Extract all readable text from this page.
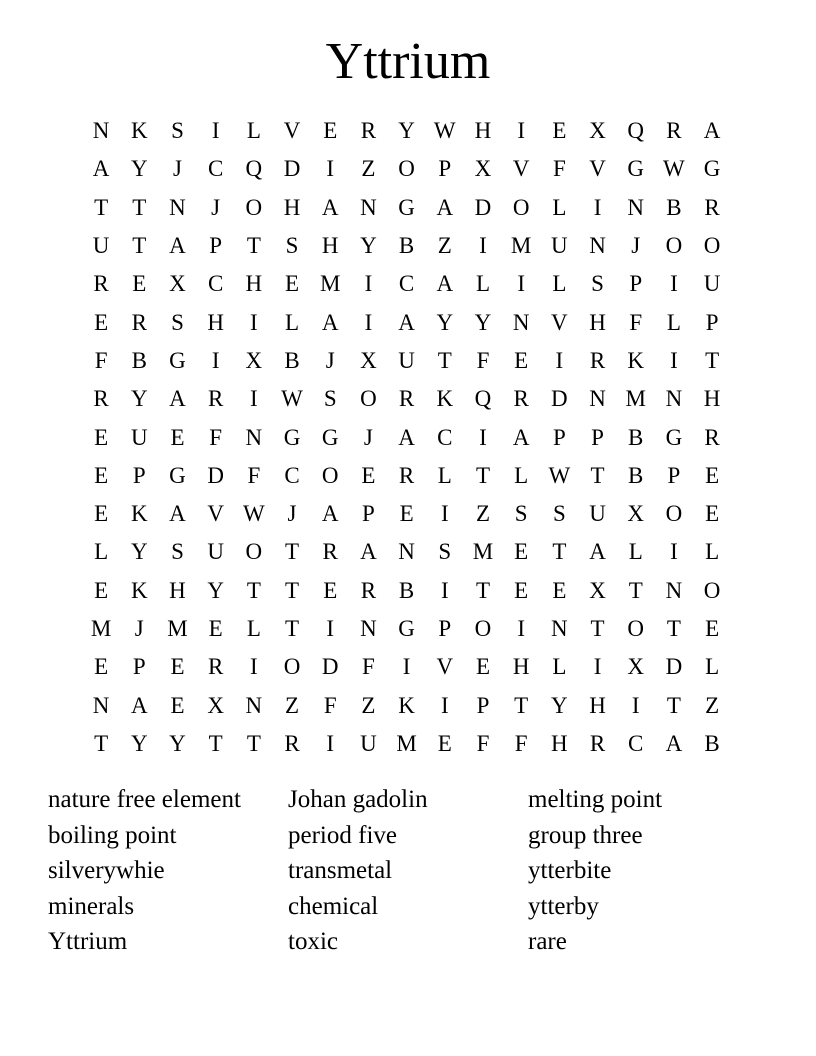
Yttrium
N K	S	I	L V E	R Y W H	I	E X Q R A
A Y	J	C Q D	I	Z O	P	X V	F	V G W G
T	T N	J	O H A N G A D O L	I	N B R
U T A	P	T	S	H Y B	Z	I	M U N	J	O O
R	E X C H E M	I	C A L	I	L	S	P	I	U
E	R	S	H	I	L A	I	A Y Y N V H	F	L	P
F	B G	I	X B	J	X U T	F	E	I	R K	I	T
R Y A R	I	W S	O R K Q R D N M N H
E U E	F	N G G	J	A C	I	A	P	P	B G R
E	P	G D	F	C O E	R	L	T	L W T	B	P	E
E K A V W J	A	P	E	I	Z	S	S	U X O E
L Y	S	U O T	R A N	S M E	T A L	I	L
E K H Y T	T	E	R B	I	T	E	E X T N O
M	J	M E	L	T	I	N G	P	O	I	N T O T	E
E	P	E	R	I	O D	F	I	V E H L	I	X D L
N A E X N Z	F	Z K	I	P	T Y H	I	T	Z
T Y Y T	T	R	I	U M E	F	F	H R C A B
nature free element
boiling point
silverywhie
minerals
Yttrium
Johan gadolin
period five
transmetal
chemical
toxic
melting point
group three
ytterbite
ytterby
rare
